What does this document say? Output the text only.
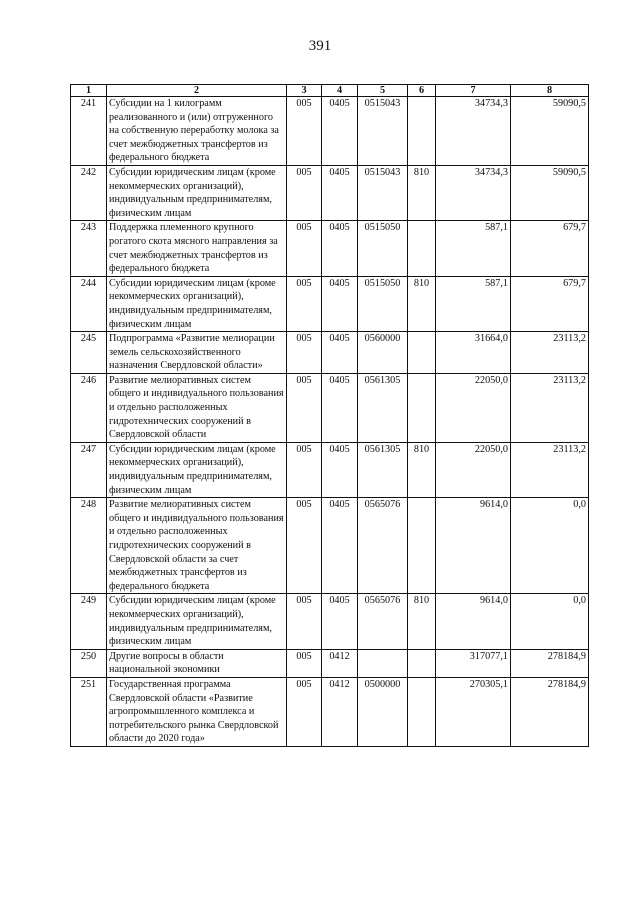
391
1	2	3	4	5	6	7	8
241	Субсидии на 1 килограмм реализованного и (или) отгруженного на собственную переработку молока за счет межбюджетных трансфертов из федерального бюджета	005	0405	0515043		34734,3	59090,5
242	Субсидии юридическим лицам (кроме некоммерческих организаций), индивидуальным предпринимателям, физическим лицам	005	0405	0515043	810	34734,3	59090,5
243	Поддержка племенного крупного рогатого скота мясного направления за счет межбюджетных трансфертов из федерального бюджета	005	0405	0515050		587,1	679,7
244	Субсидии юридическим лицам (кроме некоммерческих организаций), индивидуальным предпринимателям, физическим лицам	005	0405	0515050	810	587,1	679,7
245	Подпрограмма «Развитие мелиорации земель сельскохозяйственного назначения Свердловской области»	005	0405	0560000		31664,0	23113,2
246	Развитие мелиоративных систем общего и индивидуального пользования и отдельно расположенных гидротехнических сооружений в Свердловской области	005	0405	0561305		22050,0	23113,2
247	Субсидии юридическим лицам (кроме некоммерческих организаций), индивидуальным предпринимателям, физическим лицам	005	0405	0561305	810	22050,0	23113,2
248	Развитие мелиоративных систем общего и индивидуального пользования и отдельно расположенных гидротехнических сооружений в Свердловской области за счет межбюджетных трансфертов из федерального бюджета	005	0405	0565076		9614,0	0,0
249	Субсидии юридическим лицам (кроме некоммерческих организаций), индивидуальным предпринимателям, физическим лицам	005	0405	0565076	810	9614,0	0,0
250	Другие вопросы в области национальной экономики	005	0412			317077,1	278184,9
251	Государственная программа Свердловской области «Развитие агропромышленного комплекса и потребительского рынка Свердловской области до 2020 года»	005	0412	0500000		270305,1	278184,9
